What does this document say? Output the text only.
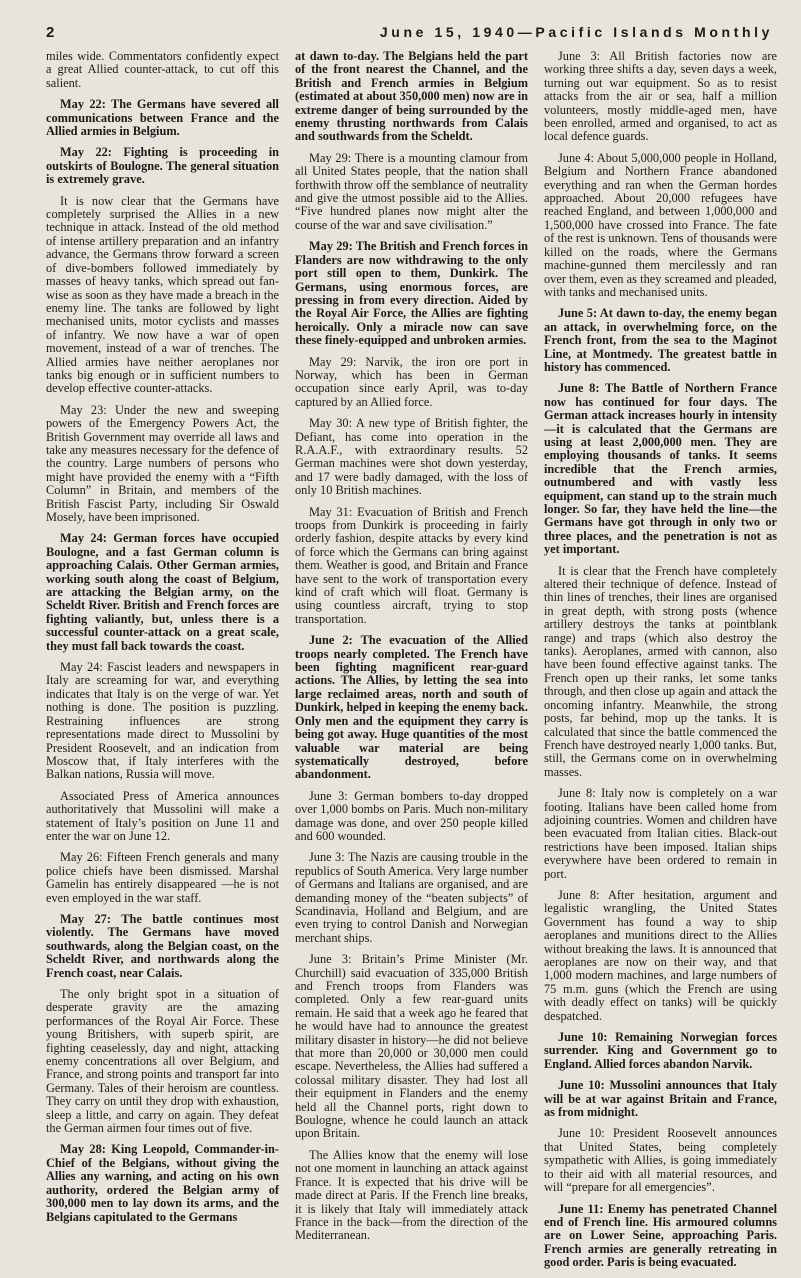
2	June 15, 1940—Pacific Islands Monthly

miles wide. Commentators confidently expect a great Allied counter-attack, to cut off this salient.

May 22: The Germans have severed all communications between France and the Allied armies in Belgium.

May 22: Fighting is proceeding in outskirts of Boulogne. The general situation is extremely grave.

It is now clear that the Germans have completely surprised the Allies in a new technique in attack. Instead of the old method of intense artillery preparation and an infantry advance, the Germans throw forward a screen of dive-bombers followed immediately by masses of heavy tanks, which spread out fan-wise as soon as they have made a breach in the enemy line. The tanks are followed by light mechanised units, motor cyclists and masses of infantry. We now have a war of open movement, instead of a war of trenches. The Allied armies have neither aeroplanes nor tanks big enough or in sufficient numbers to develop effective counter-attacks.

May 23: Under the new and sweeping powers of the Emergency Powers Act, the British Government may override all laws and take any measures necessary for the defence of the country. Large numbers of persons who might have provided the enemy with a “Fifth Column” in Britain, and members of the British Fascist Party, including Sir Oswald Mosely, have been imprisoned.

May 24: German forces have occupied Boulogne, and a fast German column is approaching Calais. Other German armies, working south along the coast of Belgium, are attacking the Belgian army, on the Scheldt River. British and French forces are fighting valiantly, but, unless there is a successful counter-attack on a great scale, they must fall back towards the coast.

May 24: Fascist leaders and newspapers in Italy are screaming for war, and everything indicates that Italy is on the verge of war. Yet nothing is done. The position is puzzling. Restraining influences are strong representations made direct to Mussolini by President Roosevelt, and an indication from Moscow that, if Italy interferes with the Balkan nations, Russia will move.

Associated Press of America announces authoritatively that Mussolini will make a statement of Italy’s position on June 11 and enter the war on June 12.

May 26: Fifteen French generals and many police chiefs have been dismissed. Marshal Gamelin has entirely disappeared —he is not even employed in the war staff.

May 27: The battle continues most violently. The Germans have moved southwards, along the Belgian coast, on the Scheldt River, and northwards along the French coast, near Calais.

The only bright spot in a situation of desperate gravity are the amazing performances of the Royal Air Force. These young Britishers, with superb spirit, are fighting ceaselessly, day and night, attacking enemy concentrations all over Belgium, and France, and strong points and transport far into Germany. Tales of their heroism are countless. They carry on until they drop with exhaustion, sleep a little, and carry on again. They defeat the German airmen four times out of five.

May 28: King Leopold, Commander-in-Chief of the Belgians, without giving the Allies any warning, and acting on his own authority, ordered the Belgian army of 300,000 men to lay down its arms, and the Belgians capitulated to the Germans

at dawn to-day. The Belgians held the part of the front nearest the Channel, and the British and French armies in Belgium (estimated at about 350,000 men) now are in extreme danger of being surrounded by the enemy thrusting northwards from Calais and southwards from the Scheldt.

May 29: There is a mounting clamour from all United States people, that the nation shall forthwith throw off the semblance of neutrality and give the utmost possible aid to the Allies. “Five hundred planes now might alter the course of the war and save civilisation.”

May 29: The British and French forces in Flanders are now withdrawing to the only port still open to them, Dunkirk. The Germans, using enormous forces, are pressing in from every direction. Aided by the Royal Air Force, the Allies are fighting heroically. Only a miracle now can save these finely-equipped and unbroken armies.

May 29: Narvik, the iron ore port in Norway, which has been in German occupation since early April, was to-day captured by an Allied force.

May 30: A new type of British fighter, the Defiant, has come into operation in the R.A.A.F., with extraordinary results. 52 German machines were shot down yesterday, and 17 were badly damaged, with the loss of only 10 British machines.

May 31: Evacuation of British and French troops from Dunkirk is proceeding in fairly orderly fashion, despite attacks by every kind of force which the Germans can bring against them. Weather is good, and Britain and France have sent to the work of transportation every kind of craft which will float. Germany is using countless aircraft, trying to stop transportation.

June 2: The evacuation of the Allied troops nearly completed. The French have been fighting magnificent rear-guard actions. The Allies, by letting the sea into large reclaimed areas, north and south of Dunkirk, helped in keeping the enemy back. Only men and the equipment they carry is being got away. Huge quantities of the most valuable war material are being systematically destroyed, before abandonment.

June 3: German bombers to-day dropped over 1,000 bombs on Paris. Much non-military damage was done, and over 250 people killed and 600 wounded.

June 3: The Nazis are causing trouble in the republics of South America. Very large number of Germans and Italians are organised, and are demanding money of the “beaten subjects” of Scandinavia, Holland and Belgium, and are even trying to control Danish and Norwegian merchant ships.

June 3: Britain’s Prime Minister (Mr. Churchill) said evacuation of 335,000 British and French troops from Flanders was completed. Only a few rear-guard units remain. He said that a week ago he feared that he would have had to announce the greatest military disaster in history—he did not believe that more than 20,000 or 30,000 men could escape. Nevertheless, the Allies had suffered a colossal military disaster. They had lost all their equipment in Flanders and the enemy held all the Channel ports, right down to Boulogne, whence he could launch an attack upon Britain.

The Allies know that the enemy will lose not one moment in launching an attack against France. It is expected that his drive will be made direct at Paris. If the French line breaks, it is likely that Italy will immediately attack France in the back—from the direction of the Mediterranean.

June 3: All British factories now are working three shifts a day, seven days a week, turning out war equipment. So as to resist attacks from the air or sea, half a million volunteers, mostly middle-aged men, have been enrolled, armed and organised, to act as local defence guards.

June 4: About 5,000,000 people in Holland, Belgium and Northern France abandoned everything and ran when the German hordes approached. About 20,000 refugees have reached England, and between 1,000,000 and 1,500,000 have crossed into France. The fate of the rest is unknown. Tens of thousands were killed on the roads, where the Germans machine-gunned them mercilessly and ran over them, even as they screamed and pleaded, with tanks and mechanised units.

June 5: At dawn to-day, the enemy began an attack, in overwhelming force, on the French front, from the sea to the Maginot Line, at Montmedy. The greatest battle in history has commenced.

June 8: The Battle of Northern France now has continued for four days. The German attack increases hourly in intensity—it is calculated that the Germans are using at least 2,000,000 men. They are employing thousands of tanks. It seems incredible that the French armies, outnumbered and with vastly less equipment, can stand up to the strain much longer. So far, they have held the line—the Germans have got through in only two or three places, and the penetration is not as yet important.

It is clear that the French have completely altered their technique of defence. Instead of thin lines of trenches, their lines are organised in great depth, with strong posts (whence artillery destroys the tanks at pointblank range) and traps (which also destroy the tanks). Aeroplanes, armed with cannon, also have been found effective against tanks. The French open up their ranks, let some tanks through, and then close up again and attack the oncoming infantry. Meanwhile, the strong posts, far behind, mop up the tanks. It is calculated that since the battle commenced the French have destroyed nearly 1,000 tanks. But, still, the Germans come on in overwhelming masses.

June 8: Italy now is completely on a war footing. Italians have been called home from adjoining countries. Women and children have been evacuated from Italian cities. Black-out restrictions have been imposed. Italian ships everywhere have been ordered to remain in port.

June 8: After hesitation, argument and legalistic wrangling, the United States Government has found a way to ship aeroplanes and munitions direct to the Allies without breaking the laws. It is announced that aeroplanes are now on their way, and that 1,000 modern machines, and large numbers of 75 m.m. guns (which the French are using with deadly effect on tanks) will be quickly despatched.

June 10: Remaining Norwegian forces surrender. King and Government go to England. Allied forces abandon Narvik.

June 10: Mussolini announces that Italy will be at war against Britain and France, as from midnight.

June 10: President Roosevelt announces that United States, being completely sympathetic with Allies, is going immediately to their aid with all material resources, and will “prepare for all emergencies”.

June 11: Enemy has penetrated Channel end of French line. His armoured columns are on Lower Seine, approaching Paris. French armies are generally retreating in good order. Paris is being evacuated.
